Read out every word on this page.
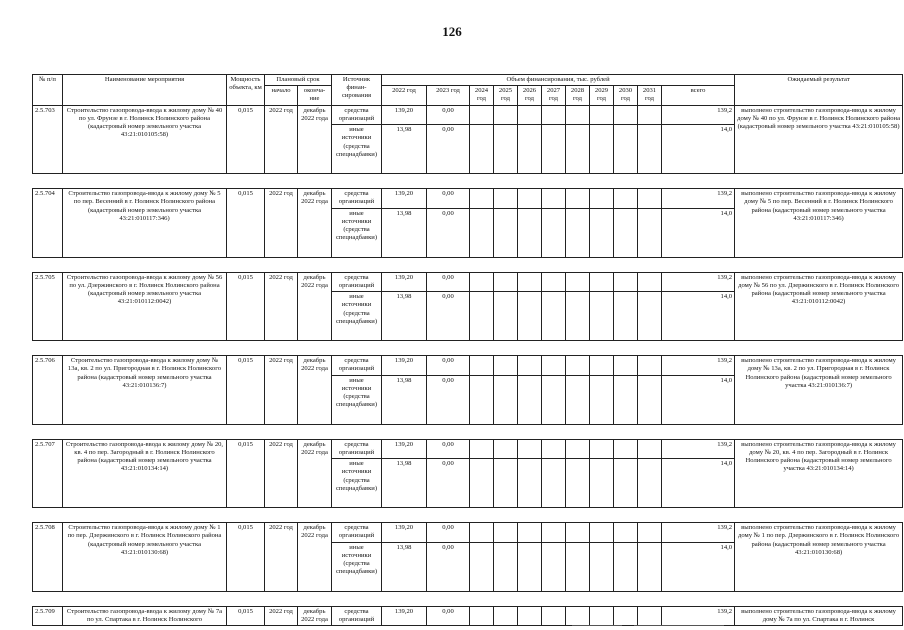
126
№ п/п	Наименование мероприятия	Мощность объекта, км	Плановый срок		Источник финан- сирования	Объем финансирования, тыс. рублей											Ожидаемый результат
			начало	оконча- ние		2022 год	2023 год	2024 год	2025 год	2026 год	2027 год	2028 год	2029 год	2030 год	2031 год	всего	
2.5.703	Строительство газопровода-ввода к жилому дому № 40 по ул. Фрунзе в г. Нолинск Нолинского района (кадастровый номер земельного участка 43:21:010105:58)	0,015	2022 год	декабрь 2022 года	средства организаций	139,20	0,00									139,2	выполнено строительство газопровода-ввода к жилому дому № 40 по ул. Фрунзе в г. Нолинск Нолинского района (кадастровый номер земельного участка 43:21:010105:58)
					иные источники (средства спецнадбавки)	13,98	0,00									14,0	

2.5.704	Строительство газопровода-ввода к жилому дому № 5 по пер. Весенний в г. Нолинск Нолинского района (кадастровый номер земельного участка 43:21:010117:346)	0,015	2022 год	декабрь 2022 года	средства организаций	139,20	0,00									139,2	выполнено строительство газопровода-ввода к жилому дому № 5 по пер. Весенний в г. Нолинск Нолинского района (кадастровый номер земельного участка 43:21:010117:346)
					иные источники (средства спецнадбавки)	13,98	0,00									14,0	

2.5.705	Строительство газопровода-ввода к жилому дому № 56 по ул. Дзержинского в г. Нолинск Нолинского района (кадастровый номер земельного участка 43:21:010112:0042)	0,015	2022 год	декабрь 2022 года	средства организаций	139,20	0,00									139,2	выполнено строительство газопровода-ввода к жилому дому № 56 по ул. Дзержинского в г. Нолинск Нолинского района (кадастровый номер земельного участка 43:21:010112:0042)
					иные источники (средства спецнадбавки)	13,98	0,00									14,0	

2.5.706	Строительство газопровода-ввода к жилому дому № 13а, кв. 2 по ул. Пригородная в г. Нолинск Нолинского района (кадастровый номер земельного участка 43:21:010136:7)	0,015	2022 год	декабрь 2022 года	средства организаций	139,20	0,00									139,2	выполнено строительство газопровода-ввода к жилому дому № 13а, кв. 2 по ул. Пригородная в г. Нолинск Нолинского района (кадастровый номер земельного участка 43:21:010136:7)
					иные источники (средства спецнадбавки)	13,98	0,00									14,0	

2.5.707	Строительство газопровода-ввода к жилому дому № 20, кв. 4 по пер. Загородный в г. Нолинск Нолинского района (кадастровый номер земельного участка 43:21:010134:14)	0,015	2022 год	декабрь 2022 года	средства организаций	139,20	0,00									139,2	выполнено строительство газопровода-ввода к жилому дому № 20, кв. 4 по пер. Загородный в г. Нолинск Нолинского района (кадастровый номер земельного участка 43:21:010134:14)
					иные источники (средства спецнадбавки)	13,98	0,00									14,0	

2.5.708	Строительство газопровода-ввода к жилому дому № 1 по пер. Дзержинского в г. Нолинск Нолинского района (кадастровый номер земельного участка 43:21:010130:68)	0,015	2022 год	декабрь 2022 года	средства организаций	139,20	0,00									139,2	выполнено строительство газопровода-ввода к жилому дому № 1 по пер. Дзержинского в г. Нолинск Нолинского района (кадастровый номер земельного участка 43:21:010130:68)
					иные источники (средства спецнадбавки)	13,98	0,00									14,0	

2.5.709	Строительство газопровода-ввода к жилому дому № 7а по ул. Спартака в г. Нолинск Нолинского	0,015	2022 год	декабрь 2022 года	средства организаций	139,20	0,00									139,2	выполнено строительство газопровода-ввода к жилому дому № 7а по ул. Спартака в г. Нолинск
